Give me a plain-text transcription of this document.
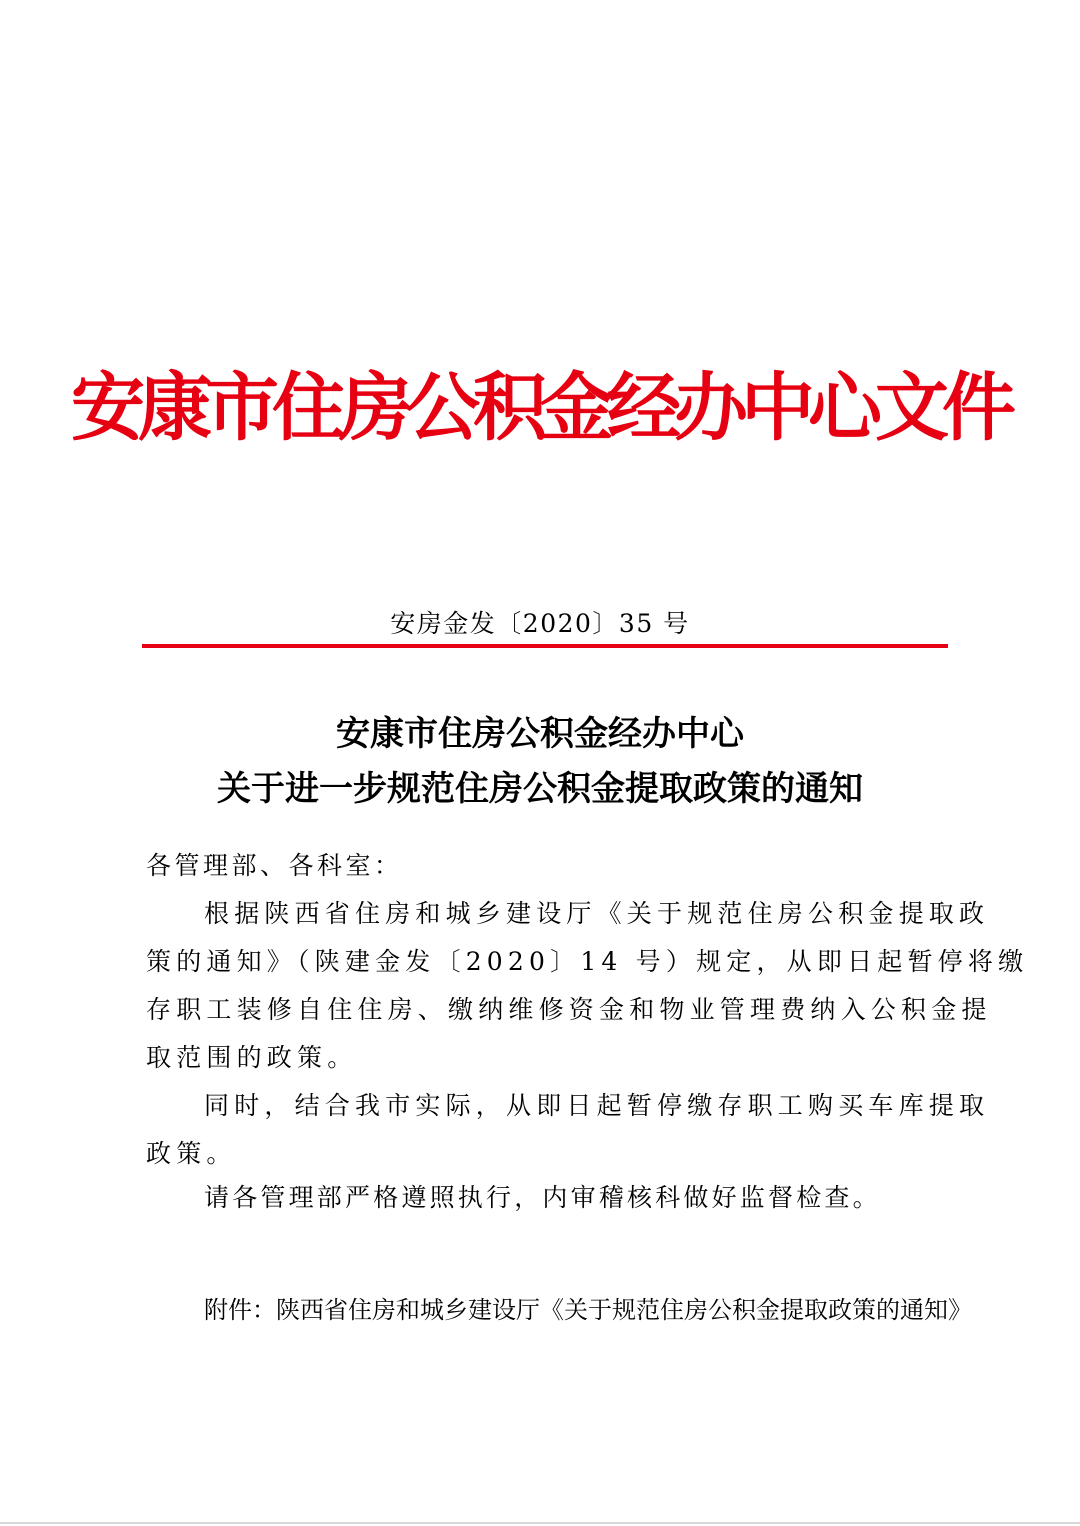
安康市住房公积金经办中心文件
安房金发〔2020〕35 号
安康市住房公积金经办中心
关于进一步规范住房公积金提取政策的通知
各管理部、各科室：
根据陕西省住房和城乡建设厅《关于规范住房公积金提取政
策的通知》（陕建金发〔2020〕14 号）规定，从即日起暂停将缴
存职工装修自住住房、缴纳维修资金和物业管理费纳入公积金提
取范围的政策。
同时，结合我市实际，从即日起暂停缴存职工购买车库提取
政策。
请各管理部严格遵照执行，内审稽核科做好监督检查。
附件：陕西省住房和城乡建设厅《关于规范住房公积金提取政策的通知》
